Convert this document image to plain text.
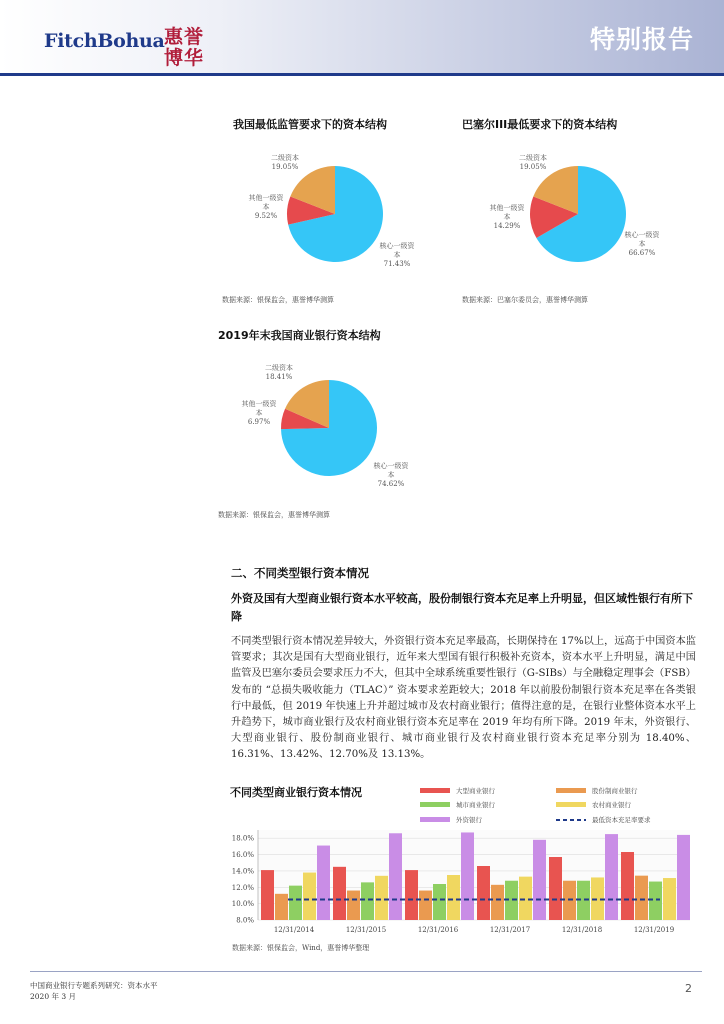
FitchBohua 惠誉
博华
特别报告
我国最低监管要求下的资本结构
二级资本
19.05%
其他一级资
本
9.52%
核心一级资
本
71.43%
数据来源：银保监会，惠誉博华测算
巴塞尔III最低要求下的资本结构
二级资本
19.05%
其他一级资
本
14.29%
核心一级资
本
66.67%
数据来源：巴塞尔委员会，惠誉博华测算
2019年末我国商业银行资本结构
二级资本
18.41%
其他一级资
本
6.97%
核心一级资
本
74.62%
数据来源：银保监会，惠誉博华测算
二、不同类型银行资本情况
外资及国有大型商业银行资本水平较高，股份制银行资本充足率上升明显，但区域性银行有所下降
不同类型银行资本情况差异较大，外资银行资本充足率最高，长期保持在 17%以上，远高于中国资本监管要求；其次是国有大型商业银行，近年来大型国有银行积极补充资本，资本水平上升明显，满足中国监管及巴塞尔委员会要求压力不大，但其中全球系统重要性银行（G-SIBs）与全融稳定理事会（FSB）发布的 “总损失吸收能力（TLAC）” 资本要求差距较大；2018 年以前股份制银行资本充足率在各类银行中最低，但 2019 年快速上升并超过城市及农村商业银行；值得注意的是，在银行业整体资本水平上升趋势下，城市商业银行及农村商业银行资本充足率在 2019 年均有所下降。2019 年末，外资银行、大型商业银行、股份制商业银行、城市商业银行及农村商业银行资本充足率分别为 18.40%、16.31%、13.42%、12.70%及 13.13%。
不同类型商业银行资本情况	大型商业银行	股份制商业银行
城市商业银行	农村商业银行
外资银行	最低资本充足率要求
8.0%
10.0%
12.0%
14.0%
16.0%
18.0%
12/31/2014	12/31/2015	12/31/2016	12/31/2017	12/31/2018	12/31/2019
数据来源：银保监会，Wind，惠誉博华整理
中国商业银行专题系列研究：资本水平
2020 年 3 月
2
